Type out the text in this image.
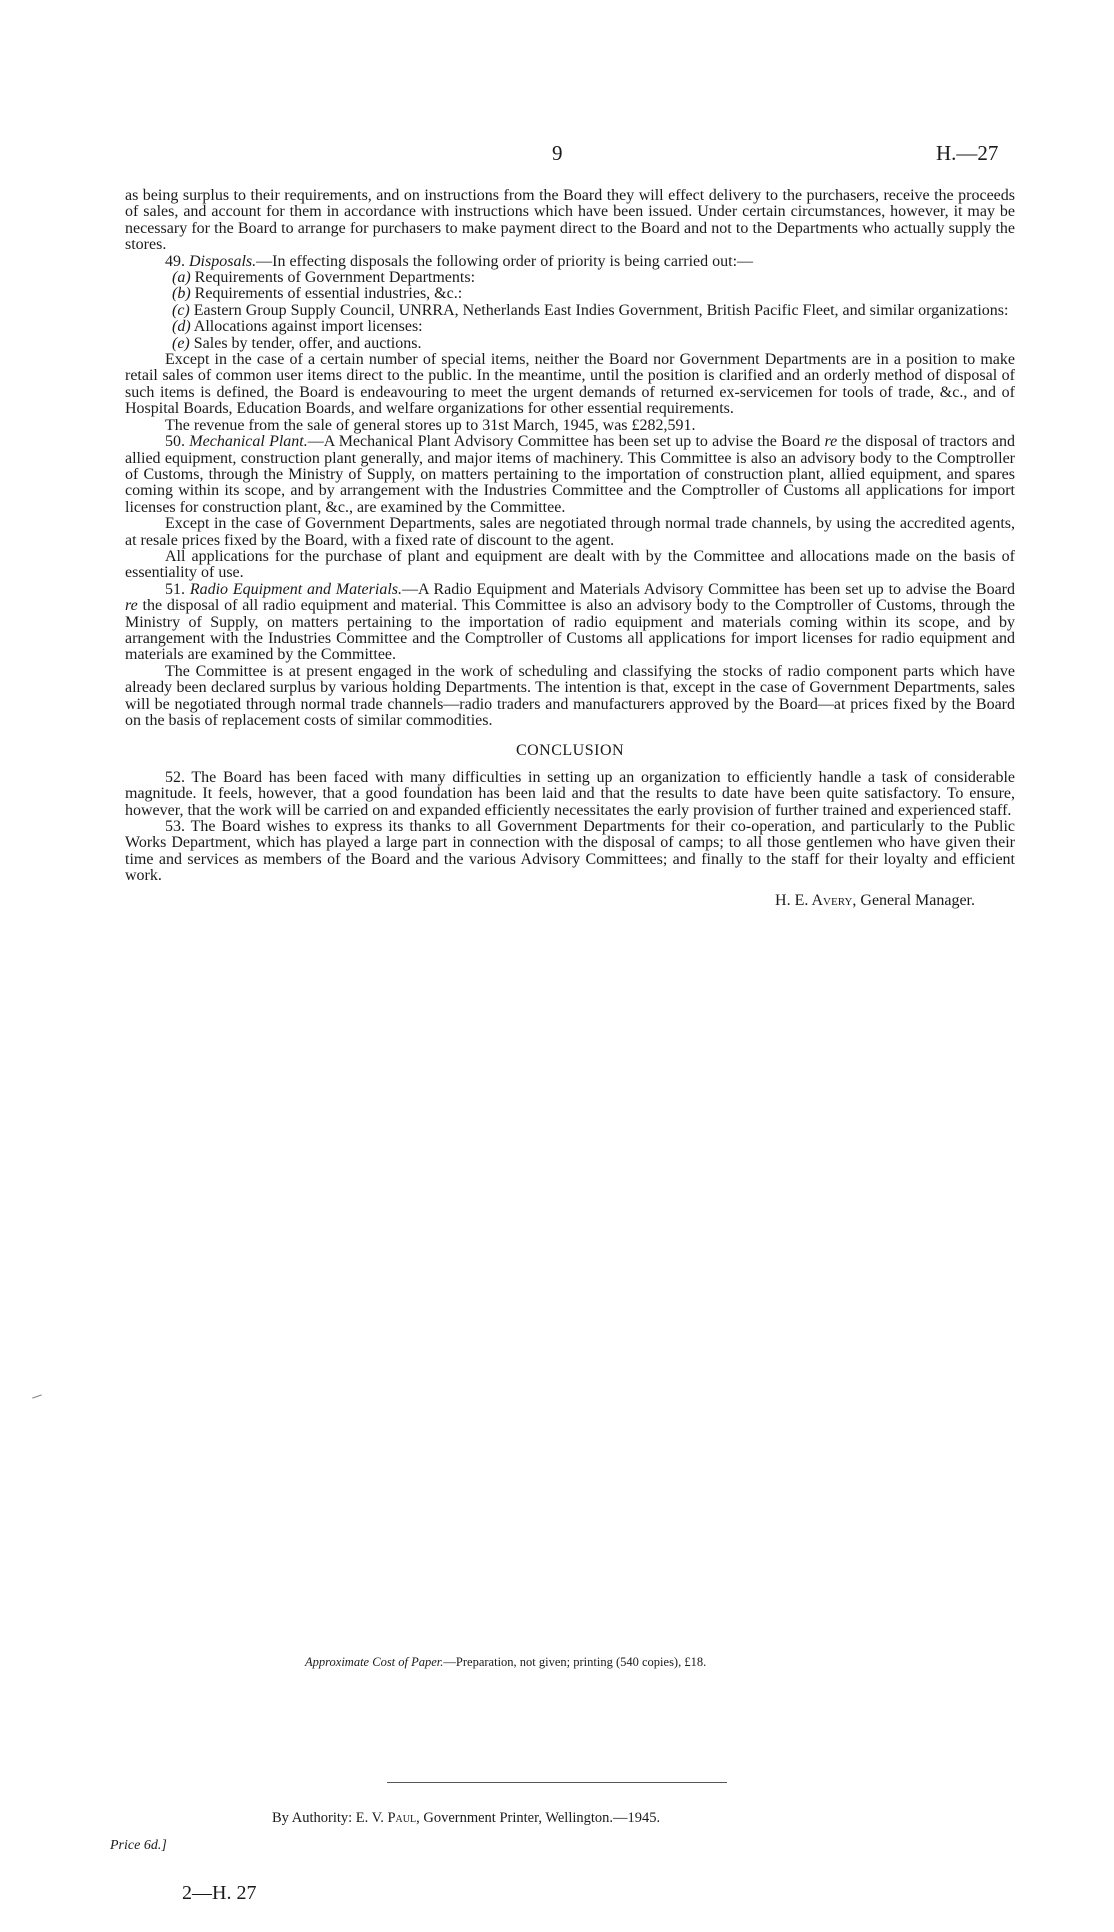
9	H.—27

as being surplus to their requirements, and on instructions from the Board they will effect delivery to the purchasers, receive the proceeds of sales, and account for them in accordance with instructions which have been issued. Under certain circumstances, however, it may be necessary for the Board to arrange for purchasers to make payment direct to the Board and not to the Departments who actually supply the stores.

49. Disposals.—In effecting disposals the following order of priority is being carried out:—

(a) Requirements of Government Departments:

(b) Requirements of essential industries, &c.:

(c) Eastern Group Supply Council, UNRRA, Netherlands East Indies Government, British Pacific Fleet, and similar organizations:

(d) Allocations against import licenses:

(e) Sales by tender, offer, and auctions.

Except in the case of a certain number of special items, neither the Board nor Government Departments are in a position to make retail sales of common user items direct to the public. In the meantime, until the position is clarified and an orderly method of disposal of such items is defined, the Board is endeavouring to meet the urgent demands of returned ex-servicemen for tools of trade, &c., and of Hospital Boards, Education Boards, and welfare organizations for other essential requirements.

The revenue from the sale of general stores up to 31st March, 1945, was £282,591.

50. Mechanical Plant.—A Mechanical Plant Advisory Committee has been set up to advise the Board re the disposal of tractors and allied equipment, construction plant generally, and major items of machinery. This Committee is also an advisory body to the Comptroller of Customs, through the Ministry of Supply, on matters pertaining to the importation of construction plant, allied equipment, and spares coming within its scope, and by arrangement with the Industries Committee and the Comptroller of Customs all applications for import licenses for construction plant, &c., are examined by the Committee.

Except in the case of Government Departments, sales are negotiated through normal trade channels, by using the accredited agents, at resale prices fixed by the Board, with a fixed rate of discount to the agent.

All applications for the purchase of plant and equipment are dealt with by the Committee and allocations made on the basis of essentiality of use.

51. Radio Equipment and Materials.—A Radio Equipment and Materials Advisory Committee has been set up to advise the Board re the disposal of all radio equipment and material. This Committee is also an advisory body to the Comptroller of Customs, through the Ministry of Supply, on matters pertaining to the importation of radio equipment and materials coming within its scope, and by arrangement with the Industries Committee and the Comptroller of Customs all applications for import licenses for radio equipment and materials are examined by the Committee.

The Committee is at present engaged in the work of scheduling and classifying the stocks of radio component parts which have already been declared surplus by various holding Departments. The intention is that, except in the case of Government Departments, sales will be negotiated through normal trade channels—radio traders and manufacturers approved by the Board—at prices fixed by the Board on the basis of replacement costs of similar commodities.

CONCLUSION

52. The Board has been faced with many difficulties in setting up an organization to efficiently handle a task of considerable magnitude. It feels, however, that a good foundation has been laid and that the results to date have been quite satisfactory. To ensure, however, that the work will be carried on and expanded efficiently necessitates the early provision of further trained and experienced staff.

53. The Board wishes to express its thanks to all Government Departments for their co-operation, and particularly to the Public Works Department, which has played a large part in connection with the disposal of camps; to all those gentlemen who have given their time and services as members of the Board and the various Advisory Committees; and finally to the staff for their loyalty and efficient work.

H. E. Avery, General Manager.

Approximate Cost of Paper.—Preparation, not given; printing (540 copies), £18.
By Authority: E. V. Paul, Government Printer, Wellington.—1945.
Price 6d.]
2—H. 27
